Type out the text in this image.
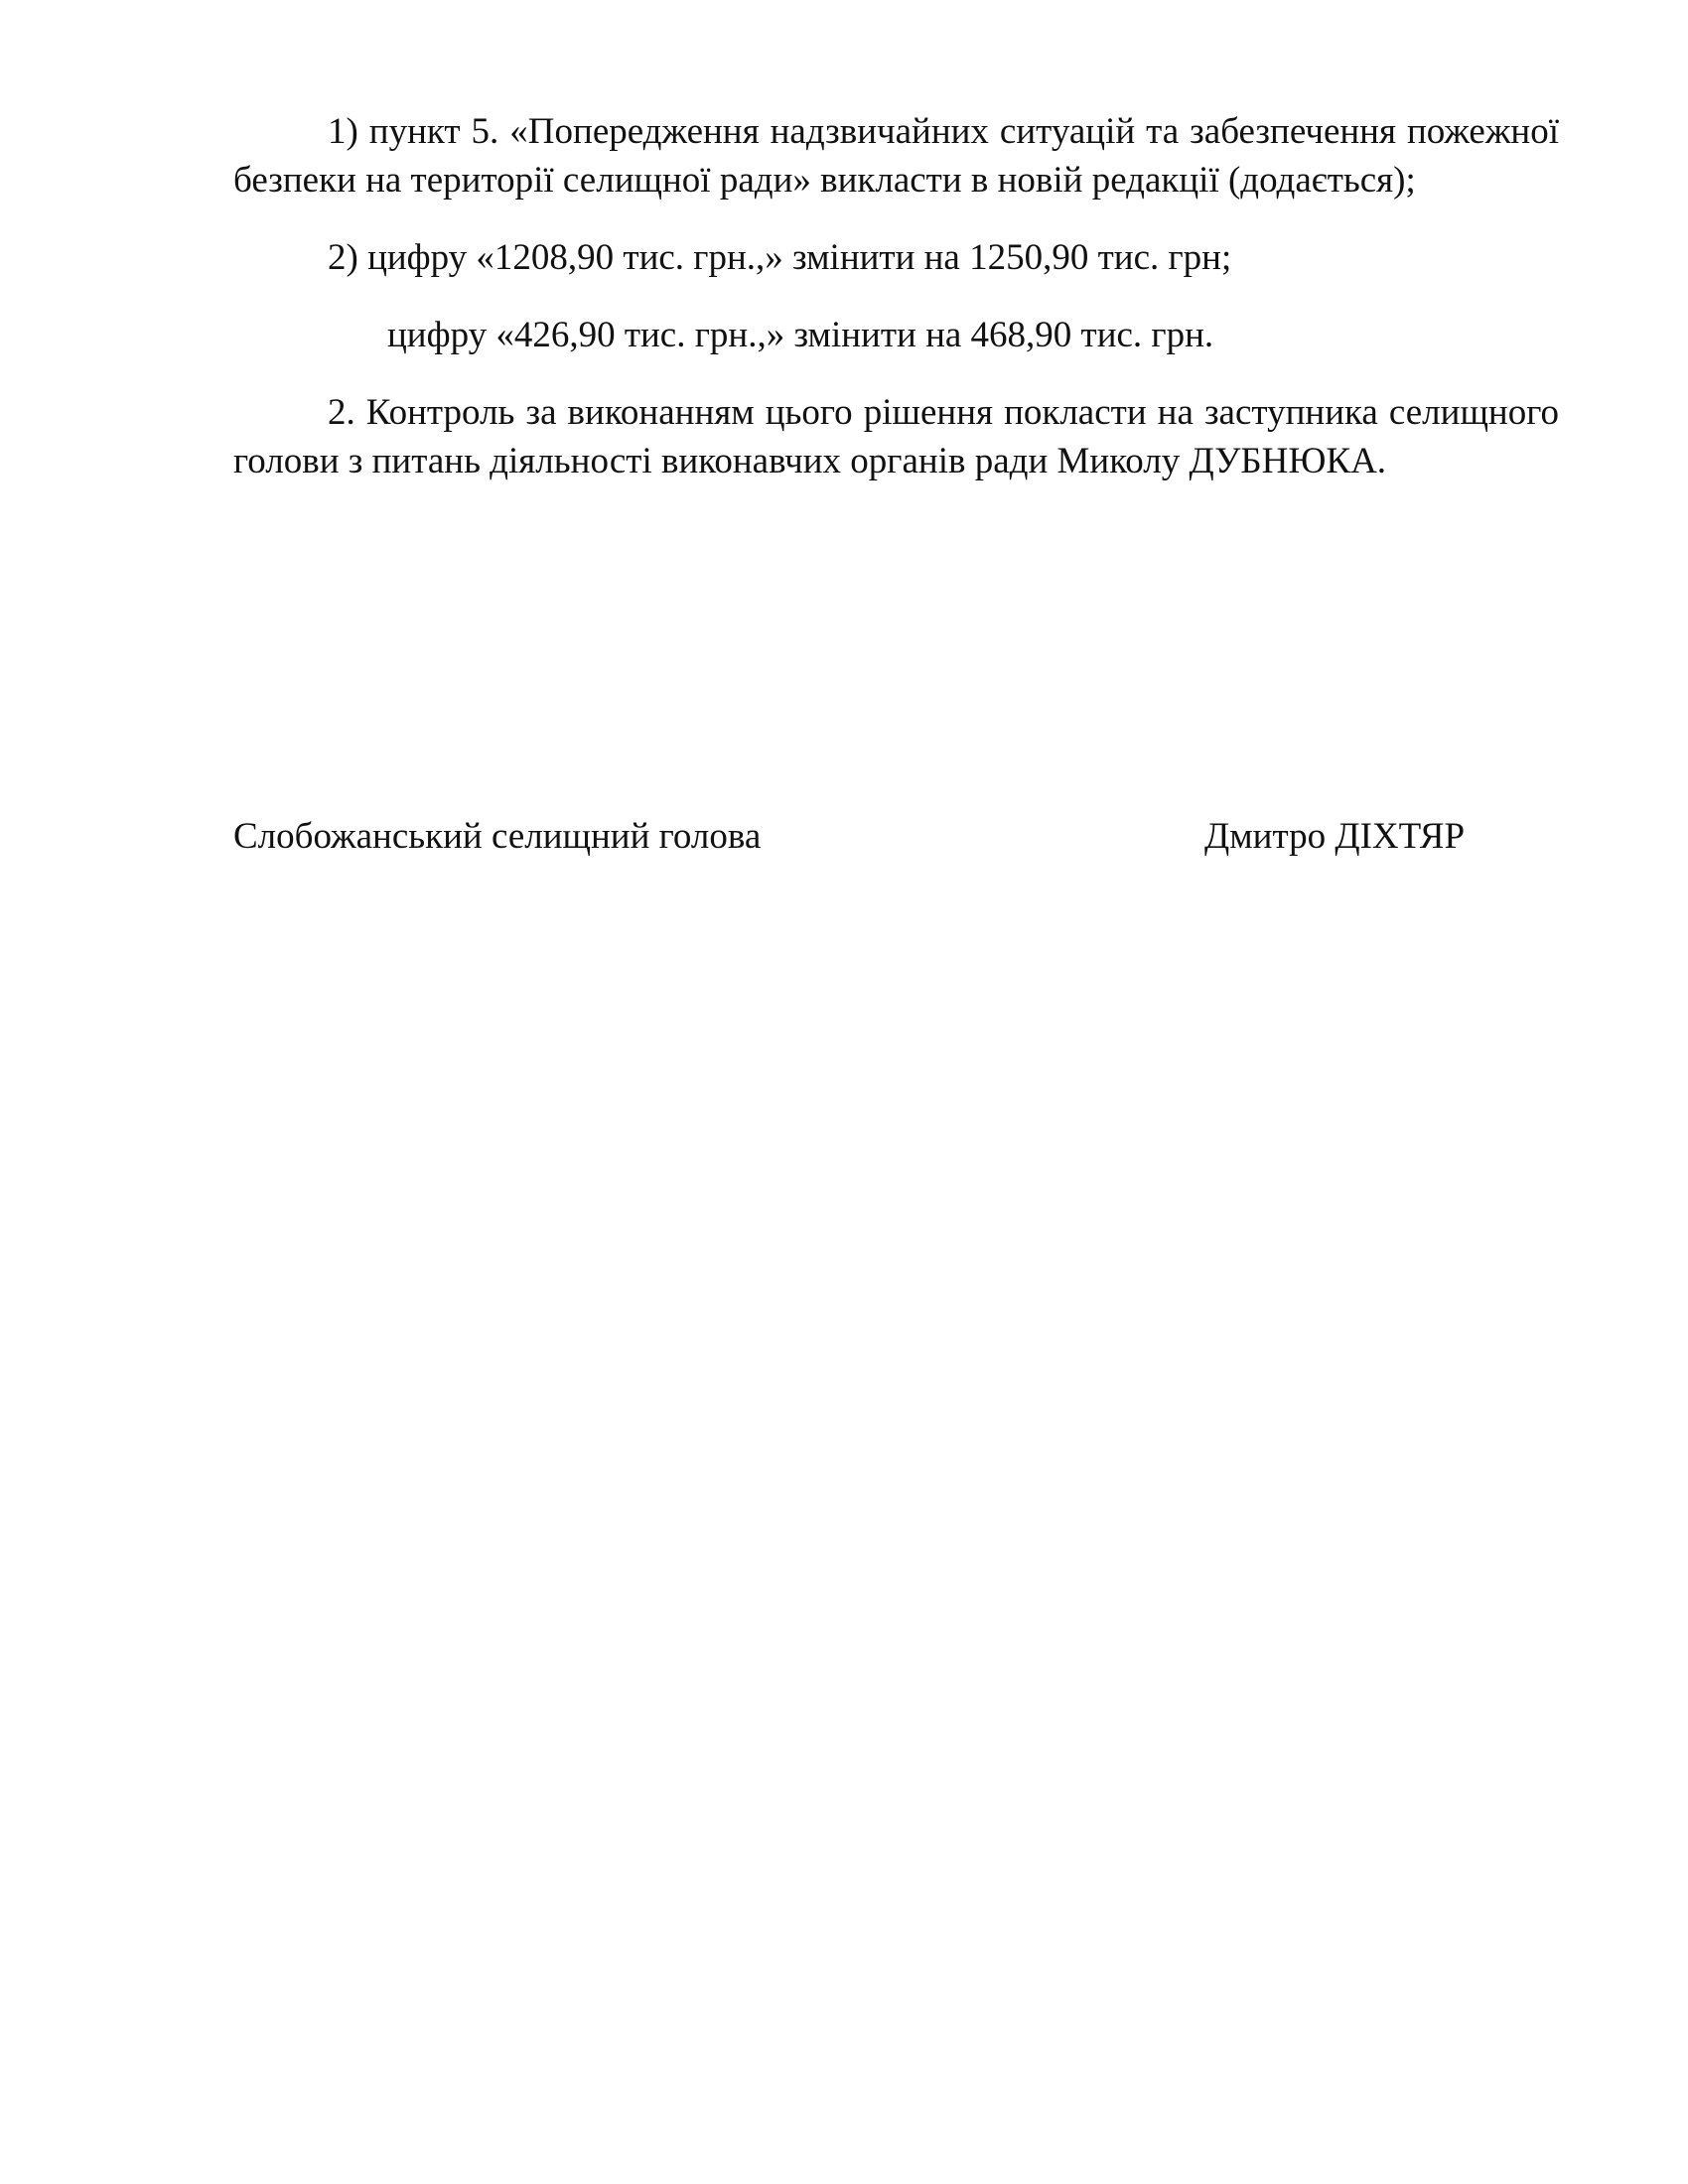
1) пункт 5. «Попередження надзвичайних ситуацій та забезпечення пожежної безпеки на території селищної ради» викласти в новій редакції (додається);

2) цифру «1208,90 тис. грн.,» змінити на 1250,90 тис. грн;

цифру «426,90 тис. грн.,» змінити на 468,90 тис. грн.

2. Контроль за виконанням цього рішення покласти на заступника селищного голови з питань діяльності виконавчих органів ради Миколу ДУБНЮКА.

Слобожанський селищний голова	Дмитро ДІХТЯР
